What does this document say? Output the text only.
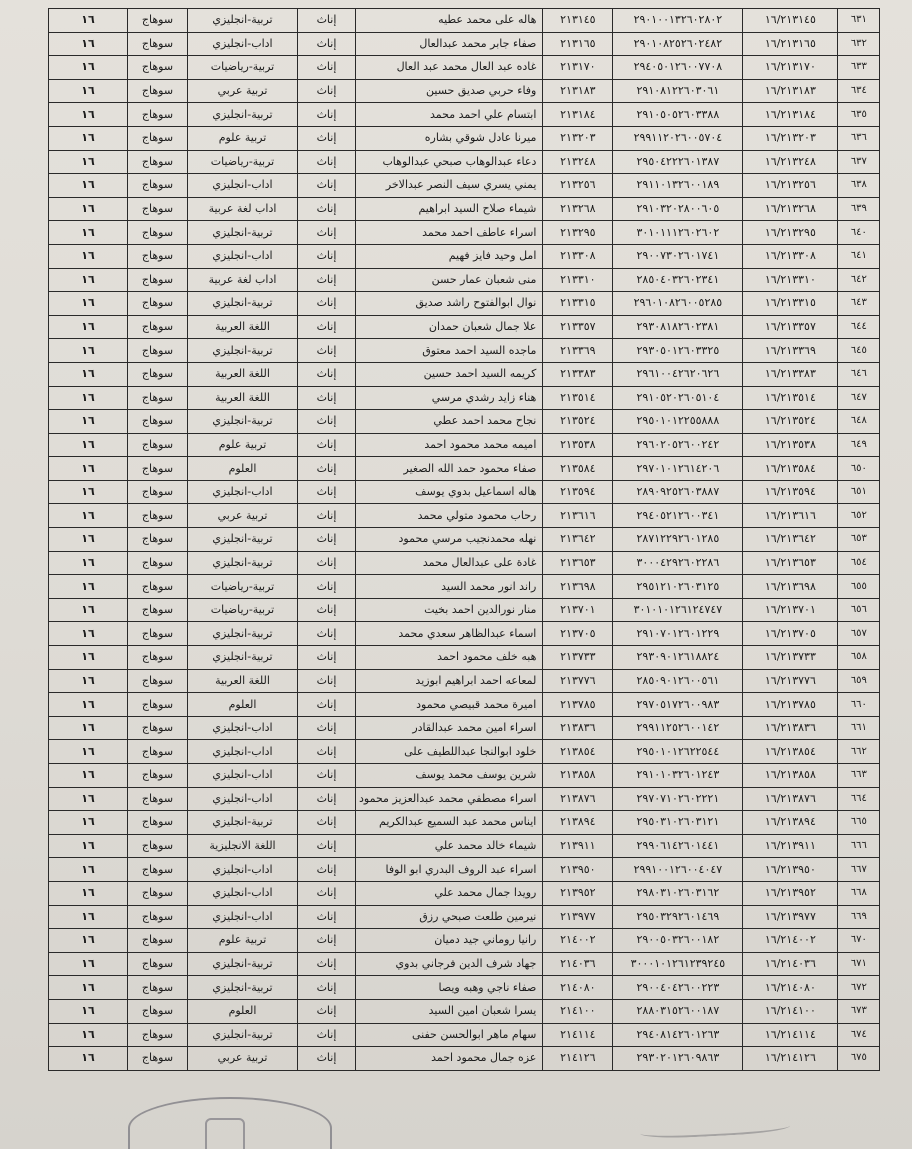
٦٣١	١٦/٢١٣١٤٥	٢٩٠١٠٠١٣٢٦٠٢٨٠٢	٢١٣١٤٥	هاله على محمد عطيه	إناث	تربية-انجليزي	سوهاج	١٦
٦٣٢	١٦/٢١٣١٦٥	٢٩٠١٠٨٢٥٢٦٠٢٤٨٢	٢١٣١٦٥	صفاء جابر محمد عبدالعال	إناث	اداب-انجليزي	سوهاج	١٦
٦٣٣	١٦/٢١٣١٧٠	٢٩٤٠٥٠١٢٦٠٠٧٧٠٨	٢١٣١٧٠	غاده عبد العال محمد عبد العال	إناث	تربية-رياضيات	سوهاج	١٦
٦٣٤	١٦/٢١٣١٨٣	٢٩١٠٨١٢٢٦٠٣٠٦١	٢١٣١٨٣	وفاء حربي صديق حسين	إناث	تربية عربي	سوهاج	١٦
٦٣٥	١٦/٢١٣١٨٤	٢٩١٠٥٠٥٢٦٠٣٣٨٨	٢١٣١٨٤	ابتسام علي احمد محمد	إناث	تربية-انجليزي	سوهاج	١٦
٦٣٦	١٦/٢١٣٢٠٣	٢٩٩١١٢٠٢٦٠٠٥٧٠٤	٢١٣٢٠٣	ميرنا عادل شوقي بشاره	إناث	تربية علوم	سوهاج	١٦
٦٣٧	١٦/٢١٣٢٤٨	٢٩٥٠٤٢٢٢٦٠١٣٨٧	٢١٣٢٤٨	دعاء عبدالوهاب صبحي عبدالوهاب	إناث	تربية-رياضيات	سوهاج	١٦
٦٣٨	١٦/٢١٣٢٥٦	٢٩١١٠١٣٢٦٠٠١٨٩	٢١٣٢٥٦	يمني يسري سيف النصر عبدالاخر	إناث	اداب-انجليزي	سوهاج	١٦
٦٣٩	١٦/٢١٣٢٦٨	٢٩١٠٣٢٠٢٨٠٠٦٠٥	٢١٣٢٦٨	شيماء صلاح السيد ابراهيم	إناث	اداب لغة عربية	سوهاج	١٦
٦٤٠	١٦/٢١٣٢٩٥	٣٠١٠١١١٢٦٠٢٦٠٢	٢١٣٢٩٥	اسراء عاطف احمد محمد	إناث	تربية-انجليزي	سوهاج	١٦
٦٤١	١٦/٢١٣٣٠٨	٢٩٠٠٧٣٠٢٦٠١٧٤١	٢١٣٣٠٨	امل وحيد فايز فهيم	إناث	اداب-انجليزي	سوهاج	١٦
٦٤٢	١٦/٢١٣٣١٠	٢٨٥٠٤٠٣٢٦٠٢٣٤١	٢١٣٣١٠	منى شعبان عمار حسن	إناث	اداب لغة عربية	سوهاج	١٦
٦٤٣	١٦/٢١٣٣١٥	٢٩٦٠١٠٨٢٦٠٠٥٢٨٥	٢١٣٣١٥	نوال ابوالفتوح راشد صديق	إناث	تربية-انجليزي	سوهاج	١٦
٦٤٤	١٦/٢١٣٣٥٧	٢٩٣٠٨١٨٢٦٠٢٣٨١	٢١٣٣٥٧	علا جمال شعبان حمدان	إناث	اللغة العربية	سوهاج	١٦
٦٤٥	١٦/٢١٣٣٦٩	٢٩٣٠٥٠١٢٦٠٣٣٢٥	٢١٣٣٦٩	ماجده السيد احمد معتوق	إناث	تربية-انجليزي	سوهاج	١٦
٦٤٦	١٦/٢١٣٣٨٣	٢٩٦١٠٠٤٢٦٢٠٦٢٦	٢١٣٣٨٣	كريمه السيد احمد حسين	إناث	اللغة العربية	سوهاج	١٦
٦٤٧	١٦/٢١٣٥١٤	٢٩١٠٥٢٠٢٦٠٥١٠٤	٢١٣٥١٤	هناء زايد رشدي مرسي	إناث	اللغة العربية	سوهاج	١٦
٦٤٨	١٦/٢١٣٥٢٤	٢٩٥٠١٠١٢٢٥٥٨٨٨	٢١٣٥٢٤	نجاح محمد احمد عطي	إناث	تربية-انجليزي	سوهاج	١٦
٦٤٩	١٦/٢١٣٥٣٨	٢٩٦٠٢٠٥٢٦٠٠٢٤٢	٢١٣٥٣٨	اميمه محمد محمود احمد	إناث	تربية علوم	سوهاج	١٦
٦٥٠	١٦/٢١٣٥٨٤	٢٩٧٠١٠١٢٦١٤٢٠٦	٢١٣٥٨٤	صفاء محمود حمد الله الصغير	إناث	العلوم	سوهاج	١٦
٦٥١	١٦/٢١٣٥٩٤	٢٨٩٠٩٢٥٢٦٠٣٨٨٧	٢١٣٥٩٤	هاله اسماعيل بدوي يوسف	إناث	اداب-انجليزي	سوهاج	١٦
٦٥٢	١٦/٢١٣٦١٦	٢٩٤٠٥٢١٢٦٠٠٣٤١	٢١٣٦١٦	رحاب محمود متولي محمد	إناث	تربية عربي	سوهاج	١٦
٦٥٣	١٦/٢١٣٦٤٢	٢٨٧١٢٢٩٢٦٠١٢٨٥	٢١٣٦٤٢	نهله محمدنجيب مرسي محمود	إناث	تربية-انجليزي	سوهاج	١٦
٦٥٤	١٦/٢١٣٦٥٣	٣٠٠٠٤٢٩٢٦٠٢٢٨٦	٢١٣٦٥٣	غادة على عبدالعال محمد	إناث	تربية-انجليزي	سوهاج	١٦
٦٥٥	١٦/٢١٣٦٩٨	٢٩٥١٢١٠٢٦٠٣١٢٥	٢١٣٦٩٨	راند انور محمد السيد	إناث	تربية-رياضيات	سوهاج	١٦
٦٥٦	١٦/٢١٣٧٠١	٣٠١٠١٠١٢٦١٢٤٧٤٧	٢١٣٧٠١	منار نورالدين احمد بخيت	إناث	تربية-رياضيات	سوهاج	١٦
٦٥٧	١٦/٢١٣٧٠٥	٢٩١٠٧٠١٢٦٠١٢٢٩	٢١٣٧٠٥	اسماء عبدالظاهر سعدي محمد	إناث	تربية-انجليزي	سوهاج	١٦
٦٥٨	١٦/٢١٣٧٣٣	٢٩٣٠٩٠١٢٦١٨٨٢٤	٢١٣٧٣٣	هبه خلف محمود احمد	إناث	تربية-انجليزي	سوهاج	١٦
٦٥٩	١٦/٢١٣٧٧٦	٢٨٥٠٩٠١٢٦٠٠٥٦١	٢١٣٧٧٦	لمعاعه احمد ابراهيم ابوزيد	إناث	اللغة العربية	سوهاج	١٦
٦٦٠	١٦/٢١٣٧٨٥	٢٩٧٠٥١٧٢٦٠٠٩٨٣	٢١٣٧٨٥	اميرة محمد قبيصي محمود	إناث	العلوم	سوهاج	١٦
٦٦١	١٦/٢١٣٨٣٦	٢٩٩١١٢٥٢٦٠٠١٤٢	٢١٣٨٣٦	اسراء امين محمد عبدالقادر	إناث	اداب-انجليزي	سوهاج	١٦
٦٦٢	١٦/٢١٣٨٥٤	٢٩٥٠١٠١٢٦٢٢٥٤٤	٢١٣٨٥٤	خلود ابوالنجا عبداللطيف على	إناث	اداب-انجليزي	سوهاج	١٦
٦٦٣	١٦/٢١٣٨٥٨	٢٩١٠١٠٣٢٦٠١٢٤٣	٢١٣٨٥٨	شرين يوسف محمد يوسف	إناث	اداب-انجليزي	سوهاج	١٦
٦٦٤	١٦/٢١٣٨٧٦	٢٩٧٠٧١٠٢٦٠٢٢٢١	٢١٣٨٧٦	اسراء مصطفي محمد عبدالعزيز محمود	إناث	اداب-انجليزي	سوهاج	١٦
٦٦٥	١٦/٢١٣٨٩٤	٢٩٥٠٣١٠٢٦٠٣١٢١	٢١٣٨٩٤	ايناس محمد عبد السميع عبدالكريم	إناث	تربية-انجليزي	سوهاج	١٦
٦٦٦	١٦/٢١٣٩١١	٢٩٩٠٦١٤٢٦٠١٤٤١	٢١٣٩١١	شيماء خالد محمد علي	إناث	اللغة الانجليزية	سوهاج	١٦
٦٦٧	١٦/٢١٣٩٥٠	٢٩٩١٠٠١٢٦٠٠٤٠٤٧	٢١٣٩٥٠	اسراء عبد الروف البدري ابو الوفا	إناث	اداب-انجليزي	سوهاج	١٦
٦٦٨	١٦/٢١٣٩٥٢	٢٩٨٠٣١٠٢٦٠٣١٦٢	٢١٣٩٥٢	رويدا جمال محمد علي	إناث	اداب-انجليزي	سوهاج	١٦
٦٦٩	١٦/٢١٣٩٧٧	٢٩٥٠٣٢٩٢٦٠١٤٦٩	٢١٣٩٧٧	نيرمين طلعت صبحي رزق	إناث	اداب-انجليزي	سوهاج	١٦
٦٧٠	١٦/٢١٤٠٠٢	٢٩٠٠٥٠٣٢٦٠٠١٨٢	٢١٤٠٠٢	رانيا روماني جيد دميان	إناث	تربية علوم	سوهاج	١٦
٦٧١	١٦/٢١٤٠٣٦	٣٠٠٠١٠١٢٦١٢٣٩٢٤٥	٢١٤٠٣٦	جهاد شرف الدين فرجاني بدوي	إناث	تربية-انجليزي	سوهاج	١٦
٦٧٢	١٦/٢١٤٠٨٠	٢٩٠٠٤٠٤٢٦٠٠٢٢٣	٢١٤٠٨٠	صفاء ناجي وهبه ويصا	إناث	تربية-انجليزي	سوهاج	١٦
٦٧٣	١٦/٢١٤١٠٠	٢٨٨٠٣١٥٢٦٠٠١٨٧	٢١٤١٠٠	يسرا شعبان امين السيد	إناث	العلوم	سوهاج	١٦
٦٧٤	١٦/٢١٤١١٤	٢٩٤٠٨١٤٢٦٠١٢٦٣	٢١٤١١٤	سهام ماهر ابوالحسن حفنى	إناث	تربية-انجليزي	سوهاج	١٦
٦٧٥	١٦/٢١٤١٢٦	٢٩٣٠٢٠١٢٦٠٩٨٦٣	٢١٤١٢٦	عزه جمال محمود احمد	إناث	تربية عربي	سوهاج	١٦
